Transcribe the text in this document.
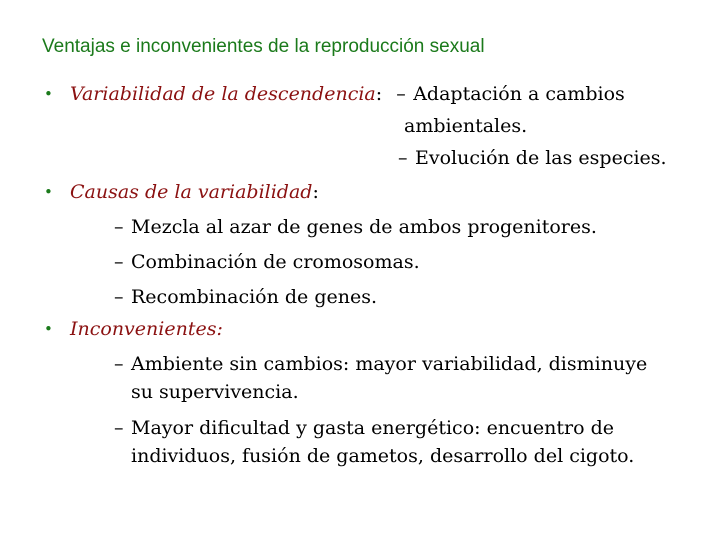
Ventajas e inconvenientes de la reproducción sexual
• Variabilidad de la descendencia: – Adaptación a cambios
ambientales.
– Evolución de las especies.
• Causas de la variabilidad:
– Mezcla al azar de genes de ambos progenitores.
– Combinación de cromosomas.
– Recombinación de genes.
• Inconvenientes:
– Ambiente sin cambios: mayor variabilidad, disminuye
su supervivencia.
– Mayor dificultad y gasta energético: encuentro de
individuos, fusión de gametos, desarrollo del cigoto.
